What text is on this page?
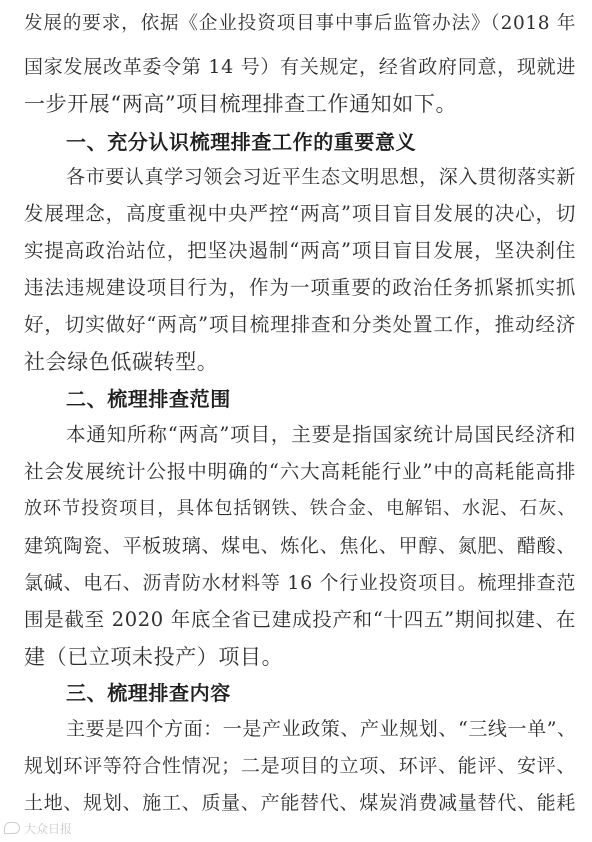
发展的要求，依据《企业投资项目事中事后监管办法》（2018 年
国家发展改革委令第 14 号）有关规定，经省政府同意，现就进
一步开展“两高”项目梳理排查工作通知如下。
一、充分认识梳理排查工作的重要意义
各市要认真学习领会习近平生态文明思想，深入贯彻落实新
发展理念，高度重视中央严控“两高”项目盲目发展的决心，切
实提高政治站位，把坚决遏制“两高”项目盲目发展，坚决刹住
违法违规建设项目行为，作为一项重要的政治任务抓紧抓实抓
好，切实做好“两高”项目梳理排查和分类处置工作，推动经济
社会绿色低碳转型。
二、梳理排查范围
本通知所称“两高”项目，主要是指国家统计局国民经济和
社会发展统计公报中明确的“六大高耗能行业”中的高耗能高排
放环节投资项目，具体包括钢铁、铁合金、电解铝、水泥、石灰、
建筑陶瓷、平板玻璃、煤电、炼化、焦化、甲醇、氮肥、醋酸、
氯碱、电石、沥青防水材料等 16 个行业投资项目。梳理排查范
围是截至 2020 年底全省已建成投产和“十四五”期间拟建、在
建（已立项未投产）项目。
三、梳理排查内容
主要是四个方面：一是产业政策、产业规划、“三线一单”、
规划环评等符合性情况；二是项目的立项、环评、能评、安评、
土地、规划、施工、质量、产能替代、煤炭消费减量替代、能耗
大众日报
